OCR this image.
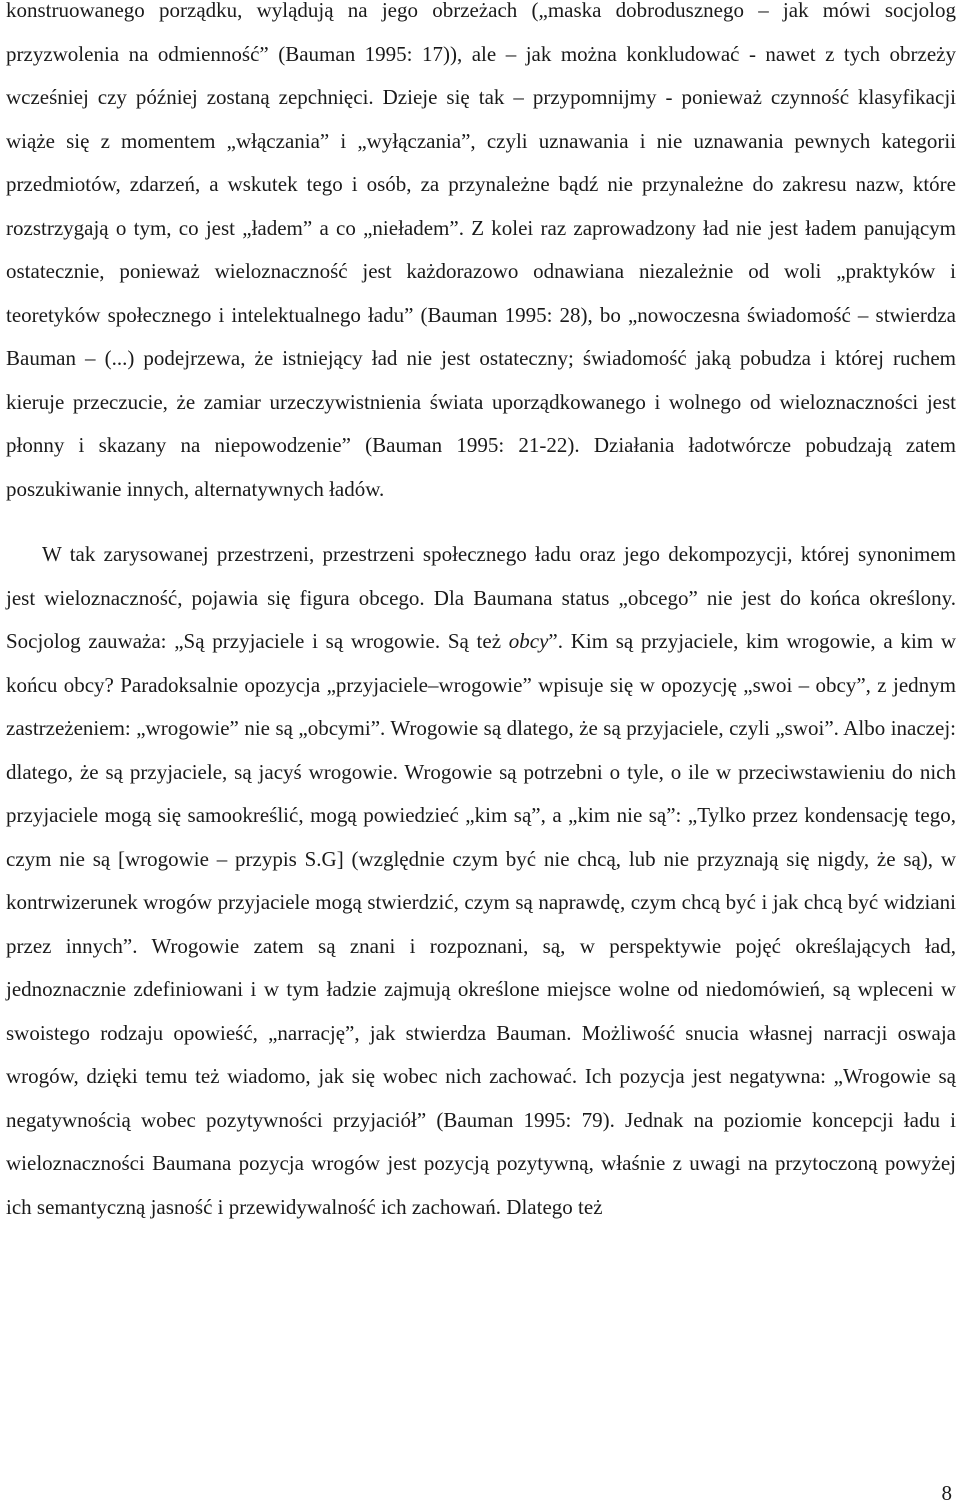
konstruowanego porządku, wylądują na jego obrzeżach („maska dobrodusznego – jak mówi socjolog przyzwolenia na odmienność” (Bauman 1995: 17)), ale – jak można konkludować - nawet z tych obrzeży wcześniej czy później zostaną zepchnięci. Dzieje się tak – przypomnijmy - ponieważ czynność klasyfikacji wiąże się z momentem „włączania” i „wyłączania”, czyli uznawania i nie uznawania pewnych kategorii przedmiotów, zdarzeń, a wskutek tego i osób, za przynależne bądź nie przynależne do zakresu nazw, które rozstrzygają o tym, co jest „ładem” a co „nieładem”. Z kolei raz zaprowadzony ład nie jest ładem panującym ostatecznie, ponieważ wieloznaczność jest każdorazowo odnawiana niezależnie od woli „praktyków i teoretyków społecznego i intelektualnego ładu” (Bauman 1995: 28), bo „nowoczesna świadomość – stwierdza Bauman – (...) podejrzewa, że istniejący ład nie jest ostateczny; świadomość jaką pobudza i której ruchem kieruje przeczucie, że zamiar urzeczywistnienia świata uporządkowanego i wolnego od wieloznaczności jest płonny i skazany na niepowodzenie” (Bauman 1995: 21-22). Działania ładotwórcze pobudzają zatem poszukiwanie innych, alternatywnych ładów.

W tak zarysowanej przestrzeni, przestrzeni społecznego ładu oraz jego dekompozycji, której synonimem jest wieloznaczność, pojawia się figura obcego. Dla Baumana status „obcego” nie jest do końca określony. Socjolog zauważa: „Są przyjaciele i są wrogowie. Są też obcy”. Kim są przyjaciele, kim wrogowie, a kim w końcu obcy? Paradoksalnie opozycja „przyjaciele–wrogowie” wpisuje się w opozycję „swoi – obcy”, z jednym zastrzeżeniem: „wrogowie” nie są „obcymi”. Wrogowie są dlatego, że są przyjaciele, czyli „swoi”. Albo inaczej: dlatego, że są przyjaciele, są jacyś wrogowie. Wrogowie są potrzebni o tyle, o ile w przeciwstawieniu do nich przyjaciele mogą się samookreślić, mogą powiedzieć „kim są”, a „kim nie są”: „Tylko przez kondensację tego, czym nie są [wrogowie – przypis S.G] (względnie czym być nie chcą, lub nie przyznają się nigdy, że są), w kontrwizerunek wrogów przyjaciele mogą stwierdzić, czym są naprawdę, czym chcą być i jak chcą być widziani przez innych”. Wrogowie zatem są znani i rozpoznani, są, w perspektywie pojęć określających ład, jednoznacznie zdefiniowani i w tym ładzie zajmują określone miejsce wolne od niedomówień, są wpleceni w swoistego rodzaju opowieść, „narrację”, jak stwierdza Bauman. Możliwość snucia własnej narracji oswaja wrogów, dzięki temu też wiadomo, jak się wobec nich zachować. Ich pozycja jest negatywna: „Wrogowie są negatywnością wobec pozytywności przyjaciół” (Bauman 1995: 79). Jednak na poziomie koncepcji ładu i wieloznaczności Baumana pozycja wrogów jest pozycją pozytywną, właśnie z uwagi na przytoczoną powyżej ich semantyczną jasność i przewidywalność ich zachowań. Dlatego też

8
